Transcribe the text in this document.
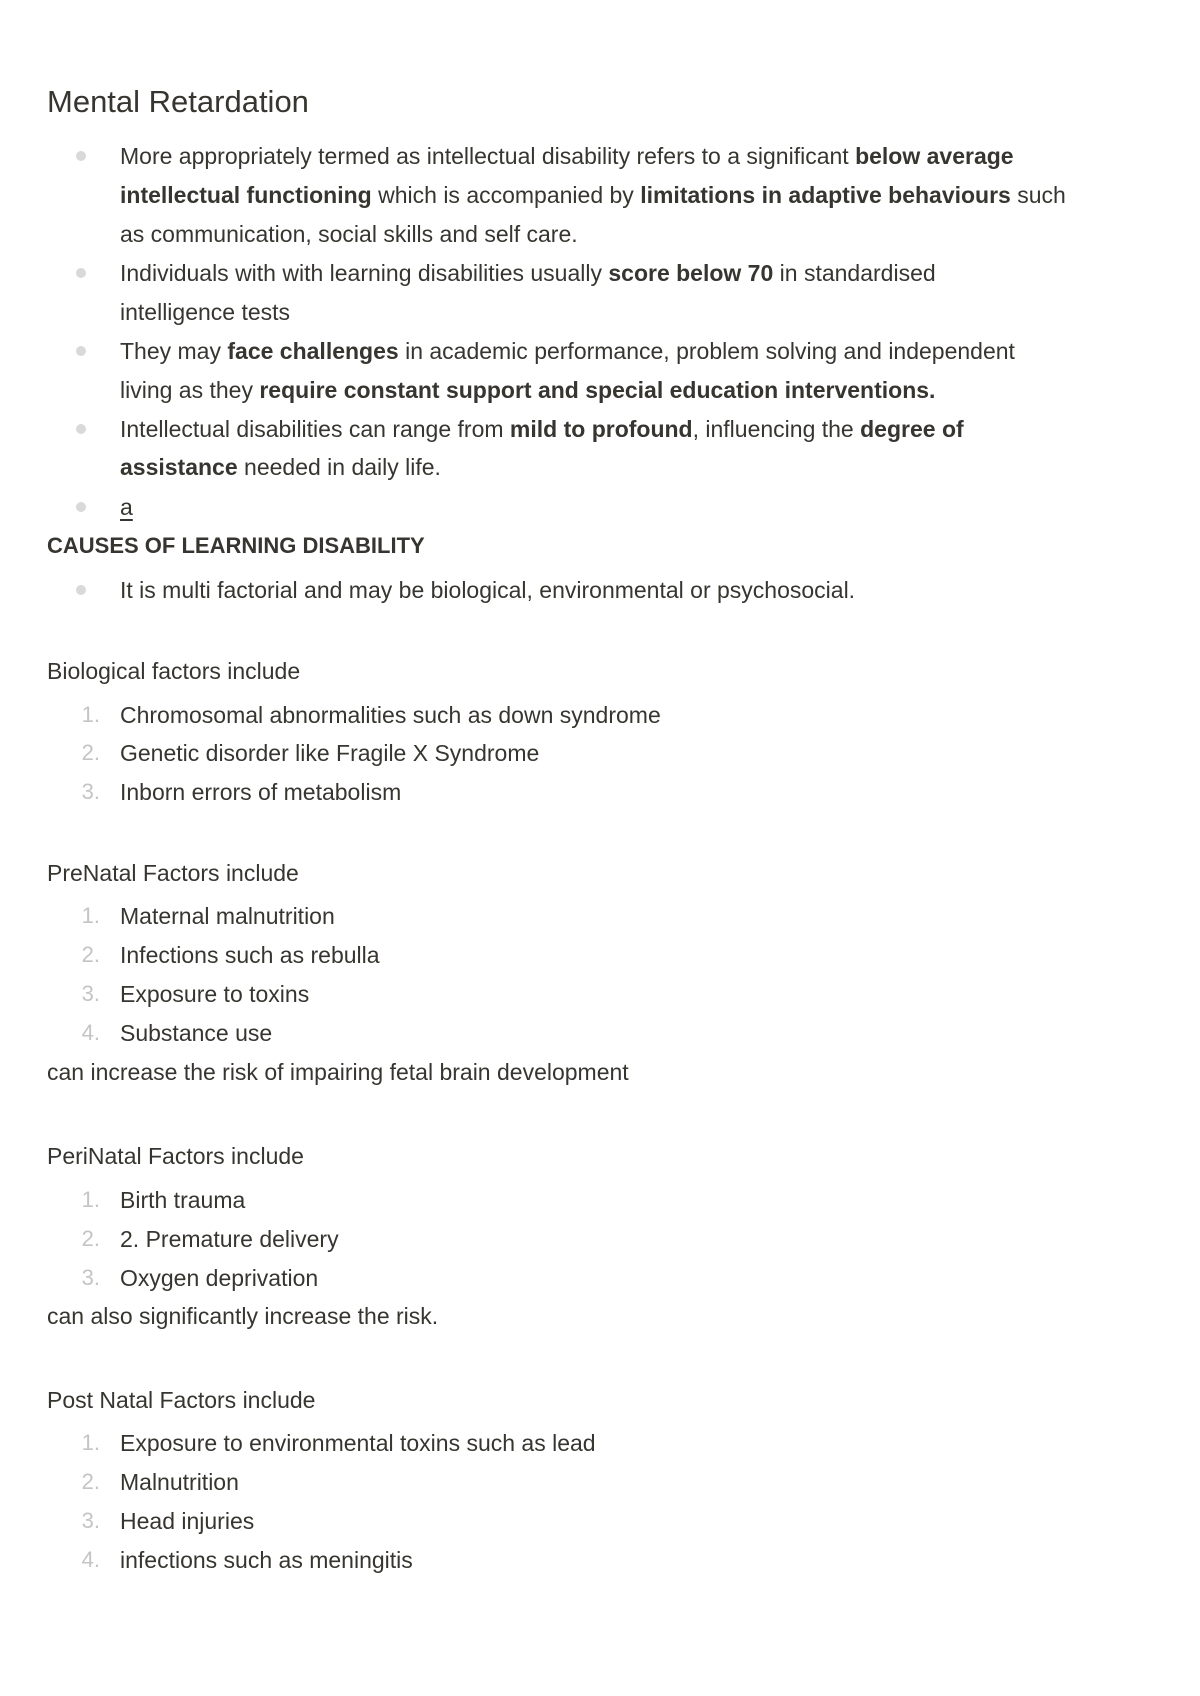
Mental Retardation
More appropriately termed as intellectual disability refers to a significant below average
intellectual functioning which is accompanied by limitations in adaptive behaviours such
as communication, social skills and self care.
Individuals with with learning disabilities usually score below 70 in standardised
intelligence tests
They may face challenges in academic performance, problem solving and independent
living as they require constant support and special education interventions.
Intellectual disabilities can range from mild to profound, influencing the degree of
assistance needed in daily life.
a
CAUSES OF LEARNING DISABILITY
It is multi factorial and may be biological, environmental or psychosocial.
Biological factors include
1. Chromosomal abnormalities such as down syndrome
2. Genetic disorder like Fragile X Syndrome
3. Inborn errors of metabolism
PreNatal Factors include
1. Maternal malnutrition
2. Infections such as rebulla
3. Exposure to toxins
4. Substance use
can increase the risk of impairing fetal brain development
PeriNatal Factors include
1. Birth trauma
2. 2. Premature delivery
3. Oxygen deprivation
can also significantly increase the risk.
Post Natal Factors include
1. Exposure to environmental toxins such as lead
2. Malnutrition
3. Head injuries
4. infections such as meningitis
